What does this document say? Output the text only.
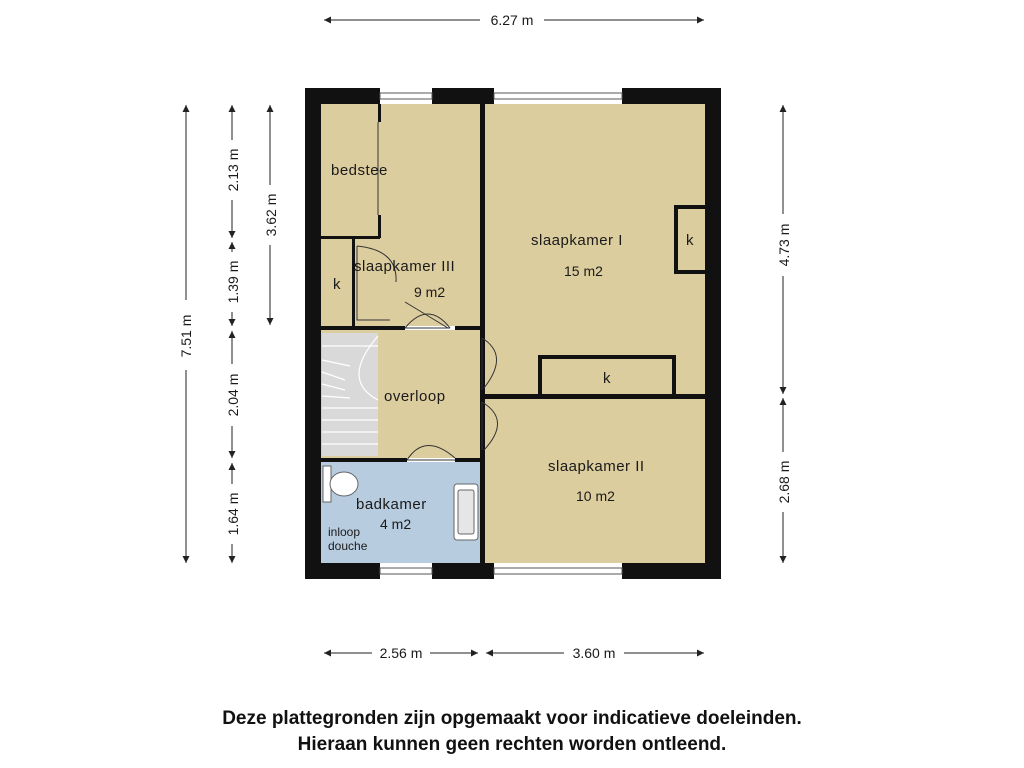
bedstee
slaapkamer III
9 m2
k
slaapkamer I
15 m2
k
k
overloop
slaapkamer II
10 m2
badkamer
4 m2
inloop
douche
6.27 m
2.56 m	3.60 m
7.51 m
2.13 m
1.39 m
2.04 m
1.64 m
3.62 m
4.73 m
2.68 m
Deze plattegronden zijn opgemaakt voor indicatieve doeleinden.
Hieraan kunnen geen rechten worden ontleend.
